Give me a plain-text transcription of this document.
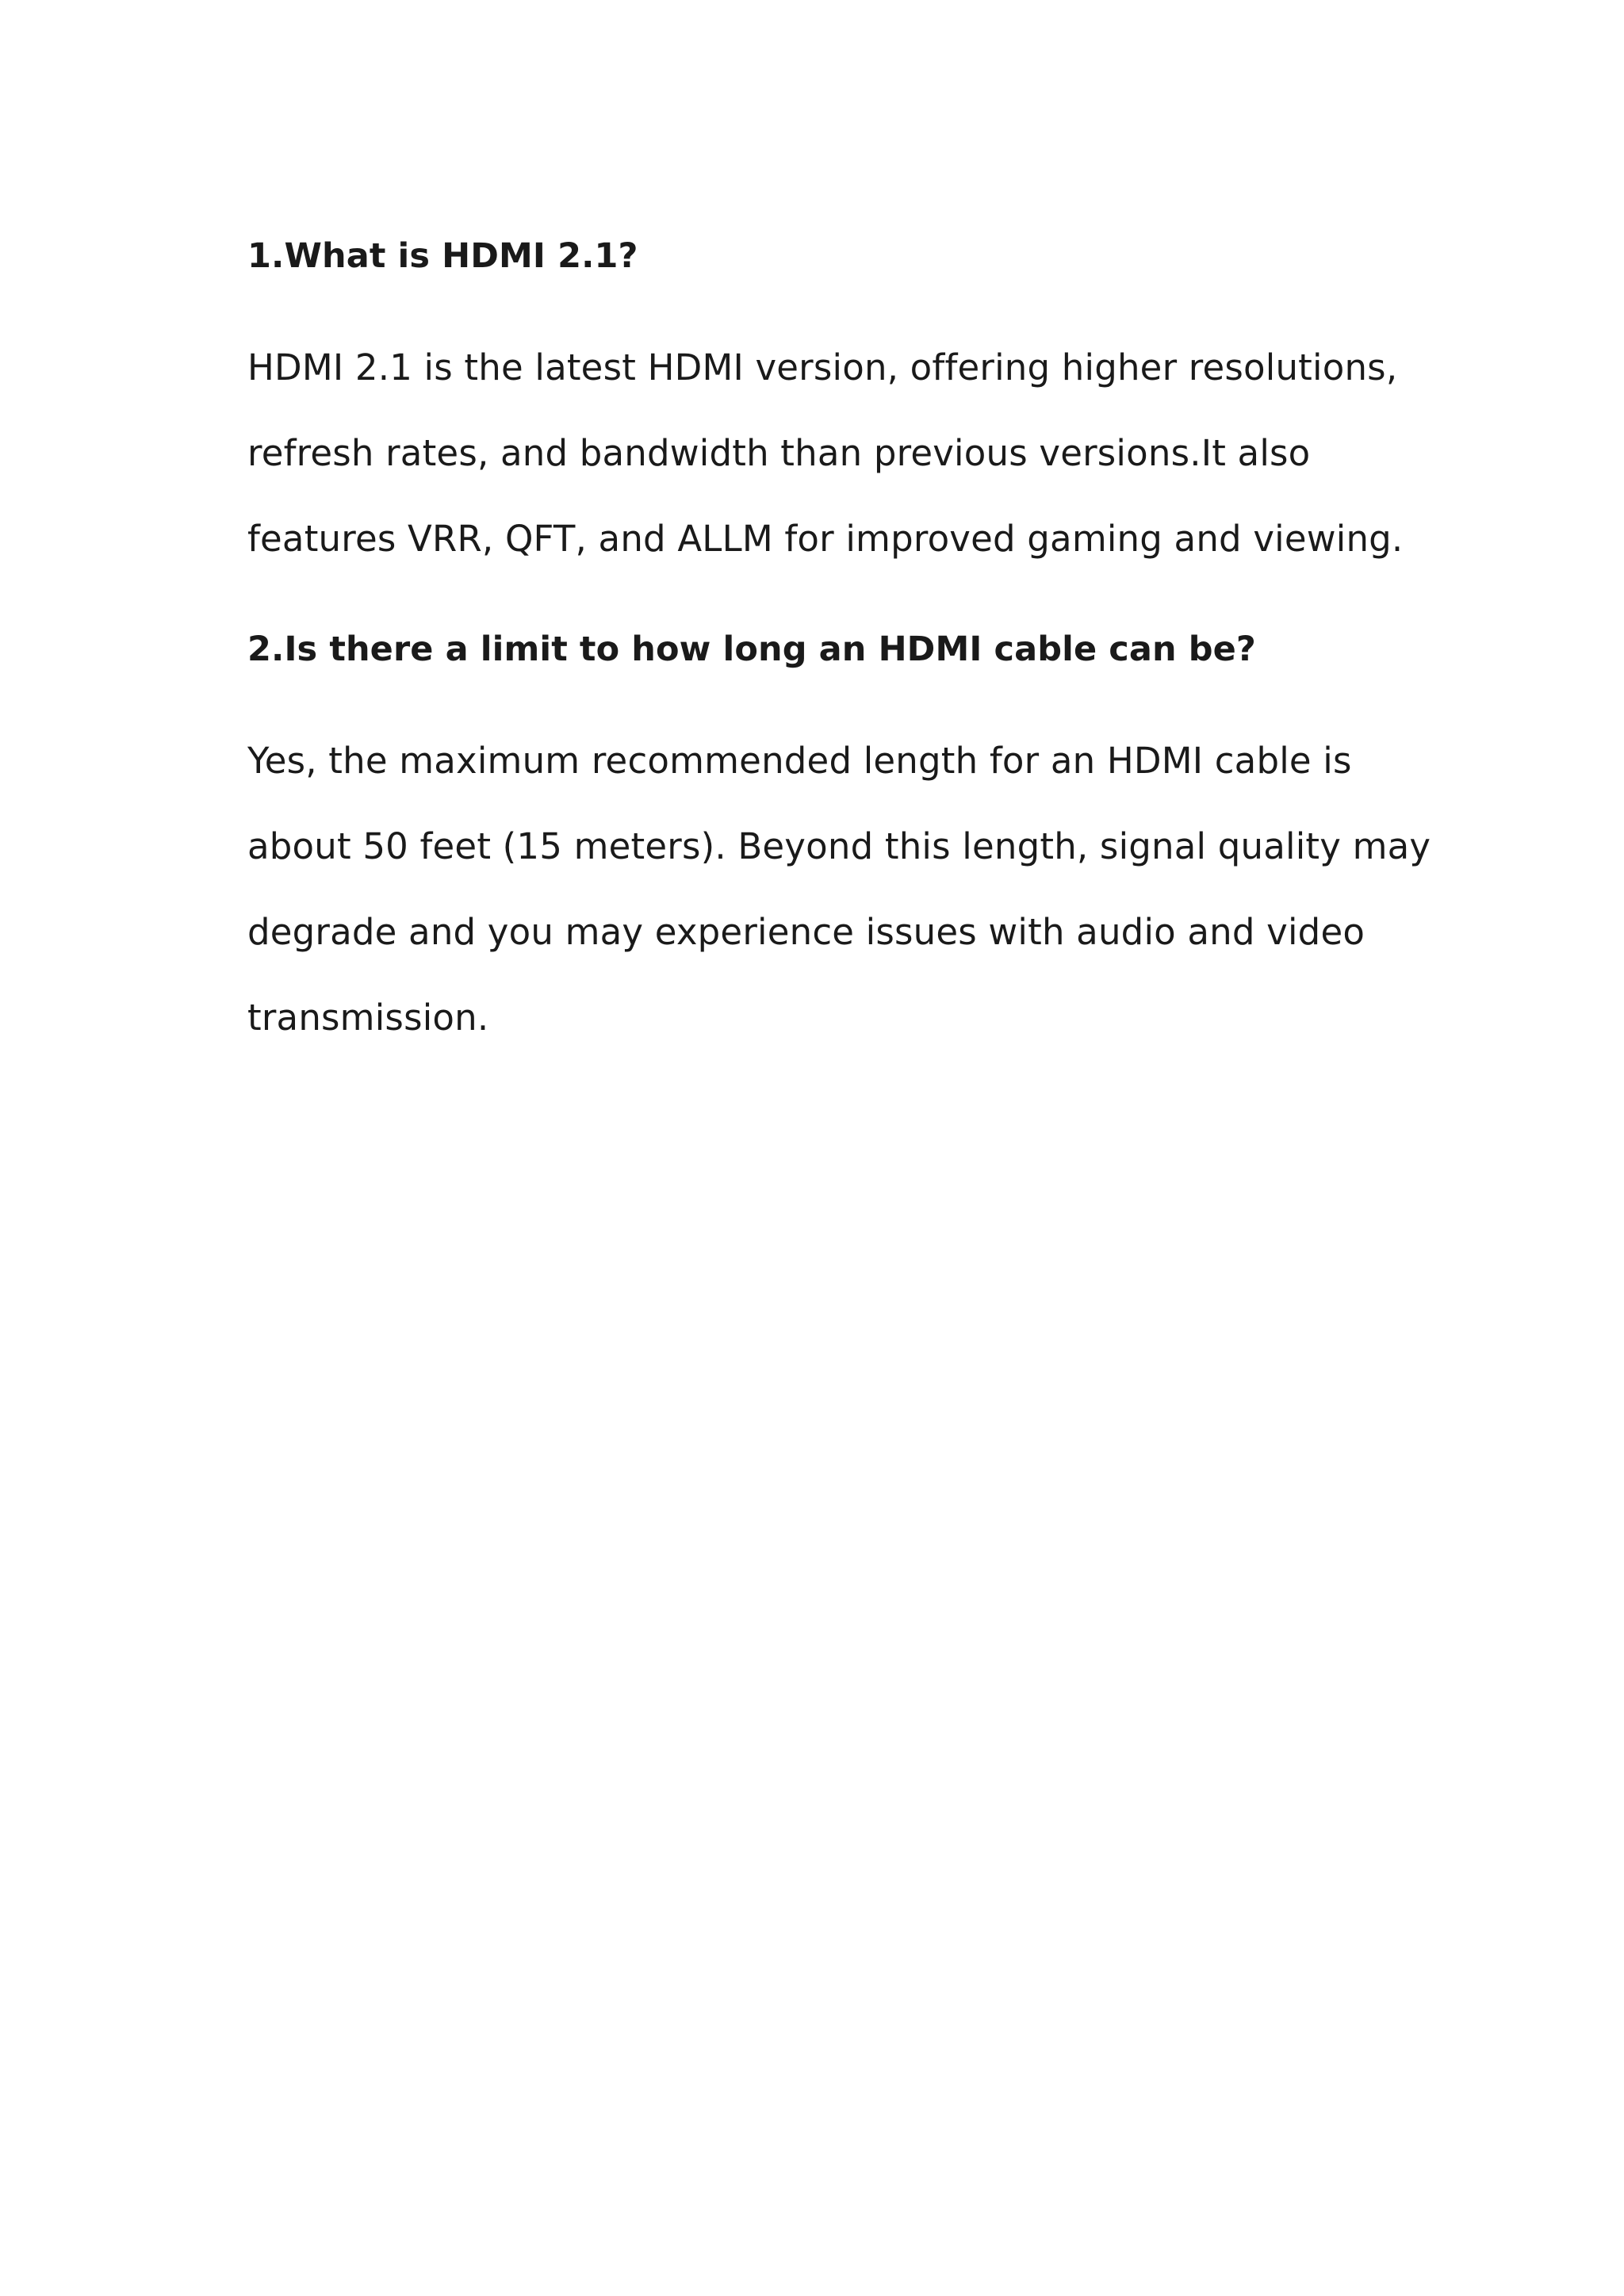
1.What is HDMI 2.1?

HDMI 2.1 is the latest HDMI version, offering higher resolutions,
refresh rates, and bandwidth than previous versions.It also
features VRR, QFT, and ALLM for improved gaming and viewing.

2.Is there a limit to how long an HDMI cable can be?

Yes, the maximum recommended length for an HDMI cable is
about 50 feet (15 meters). Beyond this length, signal quality may
degrade and you may experience issues with audio and video
transmission.
